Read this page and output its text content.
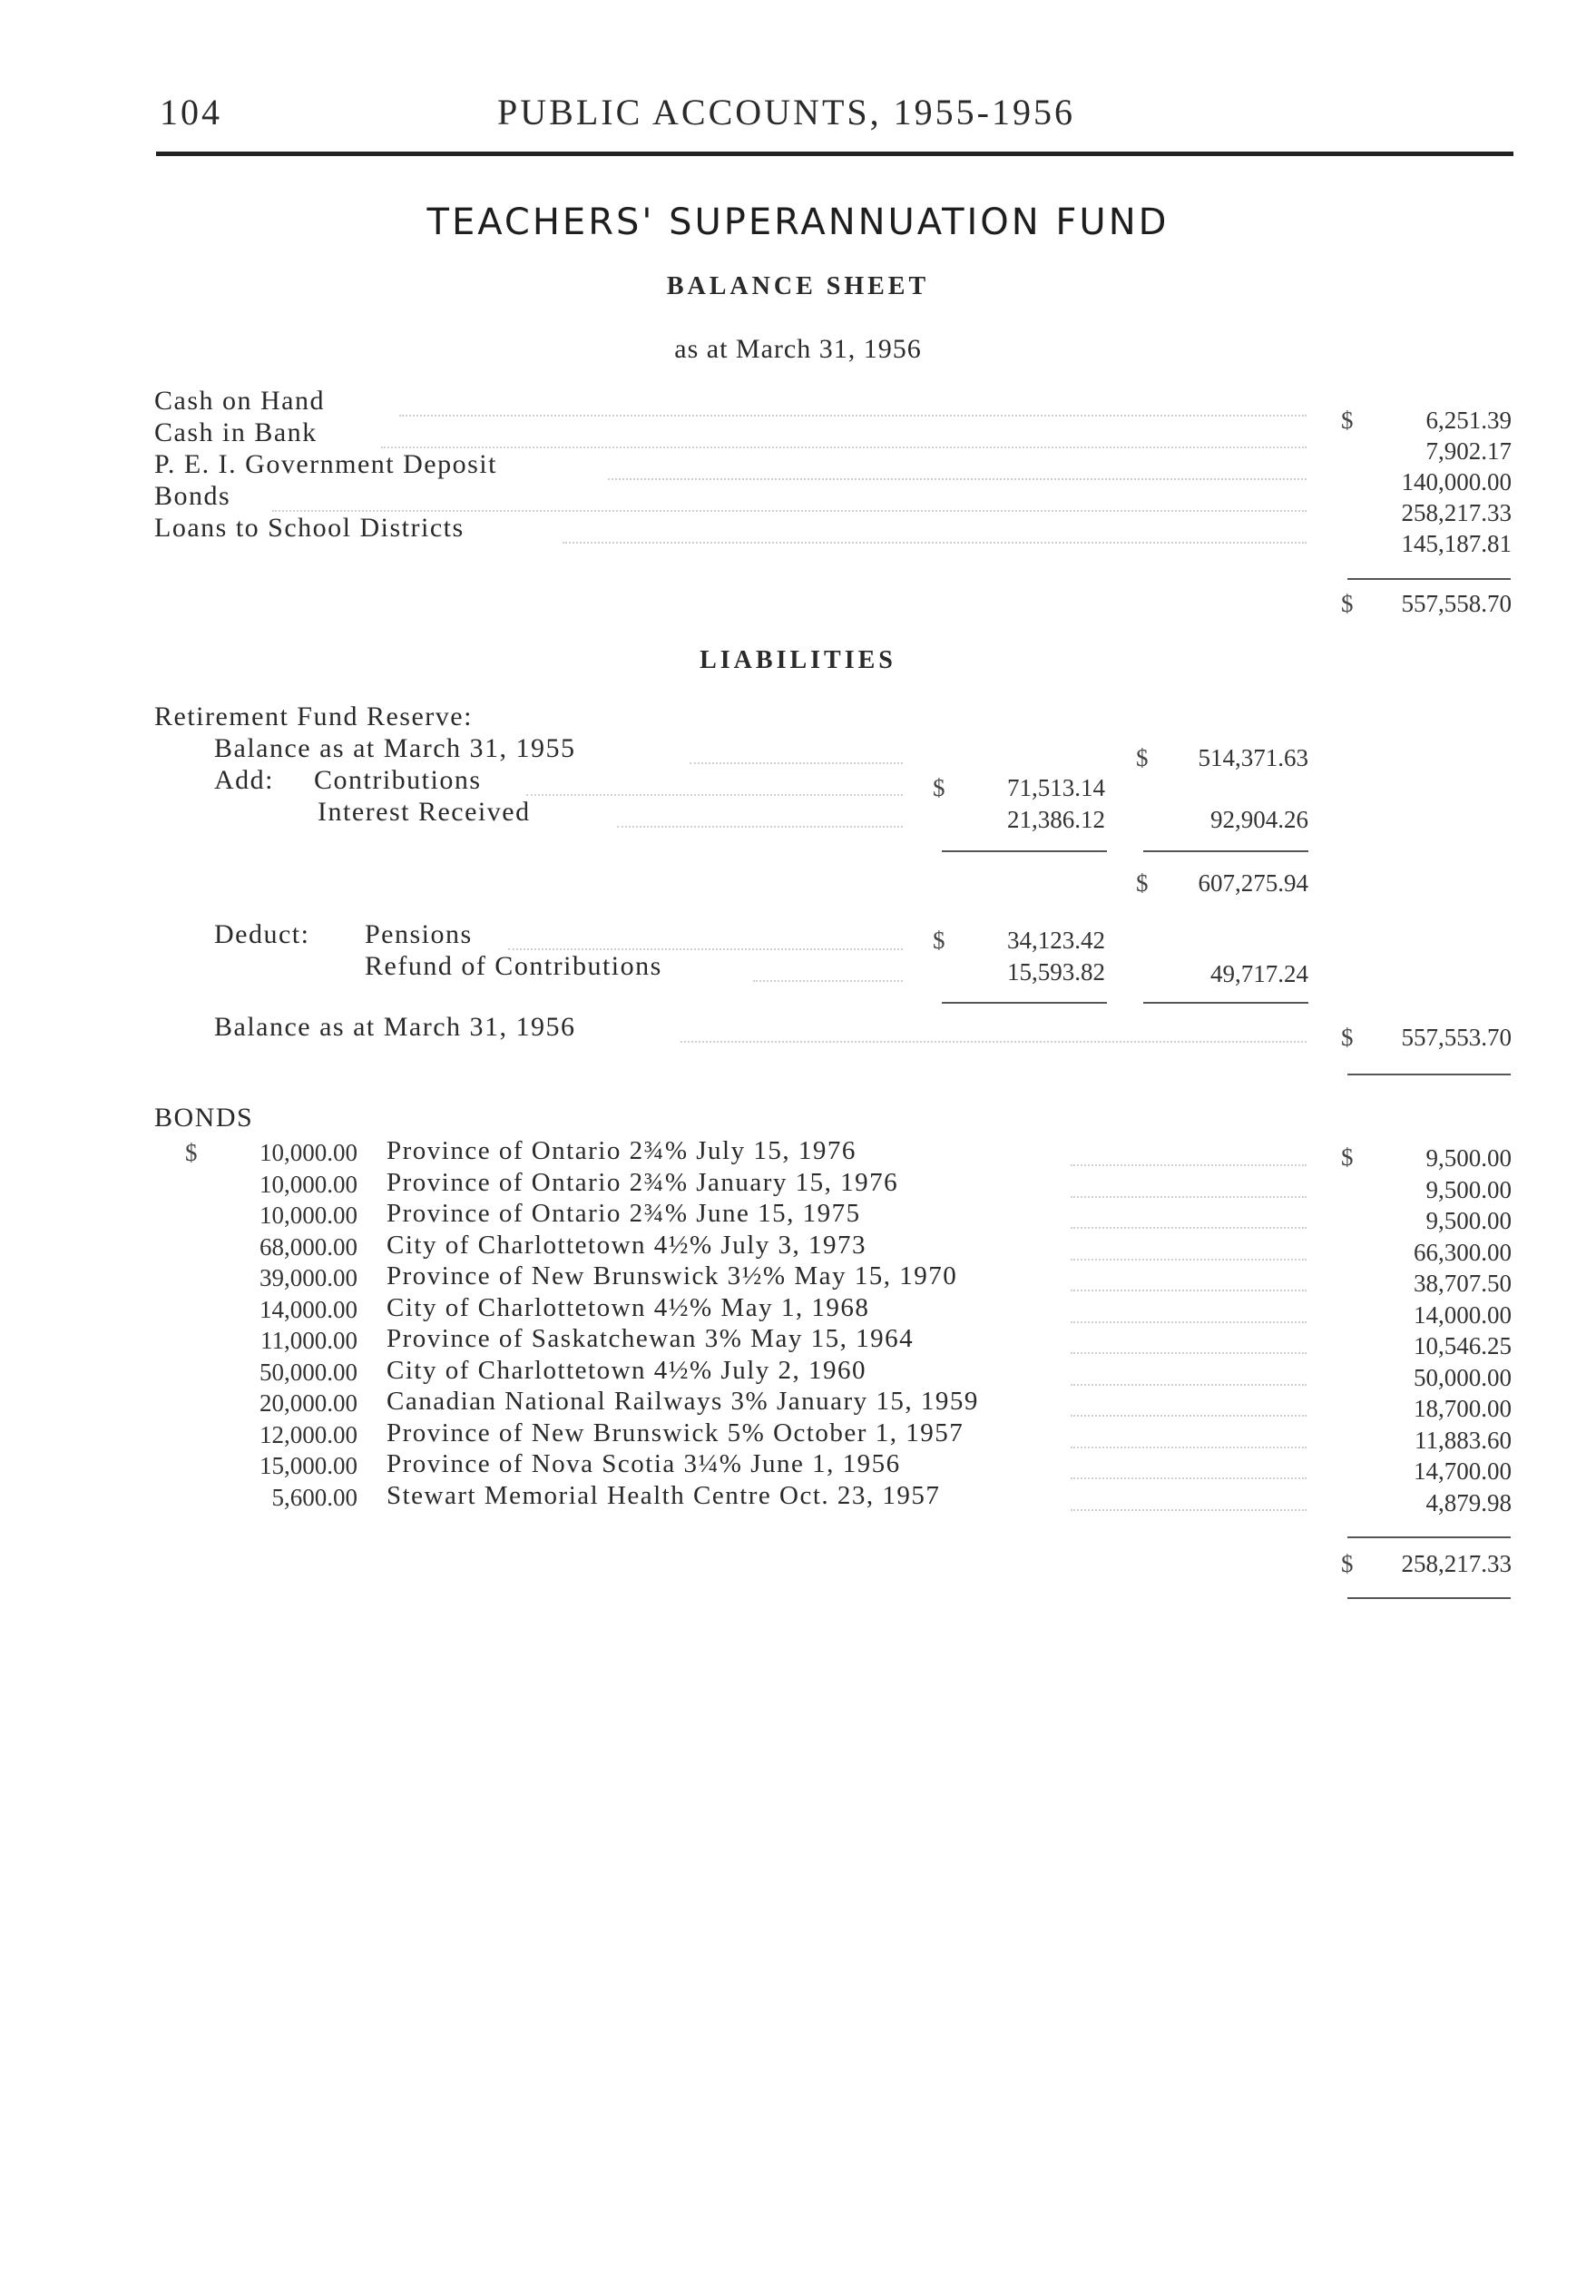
104	PUBLIC ACCOUNTS, 1955-1956
TEACHERS' SUPERANNUATION FUND
BALANCE SHEET
as at March 31, 1956
Cash on Hand
6,251.39
Cash in Bank
7,902.17
P. E. I. Government Deposit
140,000.00
Bonds
258,217.33
Loans to School Districts
145,187.81
$
$	557,558.70
LIABILITIES
Retirement Fund Reserve:
Balance as at March 31, 1955	$	514,371.63
Add: Contributions	$	71,513.14
Interest Received	21,386.12	92,904.26
$	607,275.94
Deduct: Pensions	$	34,123.42
Refund of Contributions	15,593.82	49,717.24
Balance as at March 31, 1956	$	557,553.70
BONDS
$	$
10,000.00 Province of Ontario 2¾% July 15, 1976	9,500.00
10,000.00 Province of Ontario 2¾% January 15, 1976	9,500.00
10,000.00 Province of Ontario 2¾% June 15, 1975	9,500.00
68,000.00 City of Charlottetown 4½% July 3, 1973	66,300.00
39,000.00 Province of New Brunswick 3½% May 15, 1970	38,707.50
14,000.00 City of Charlottetown 4½% May 1, 1968	14,000.00
11,000.00 Province of Saskatchewan 3% May 15, 1964	10,546.25
50,000.00 City of Charlottetown 4½% July 2, 1960	50,000.00
20,000.00 Canadian National Railways 3% January 15, 1959	18,700.00
12,000.00 Province of New Brunswick 5% October 1, 1957	11,883.60
15,000.00 Province of Nova Scotia 3¼% June 1, 1956	14,700.00
5,600.00 Stewart Memorial Health Centre Oct. 23, 1957	4,879.98
$	258,217.33
